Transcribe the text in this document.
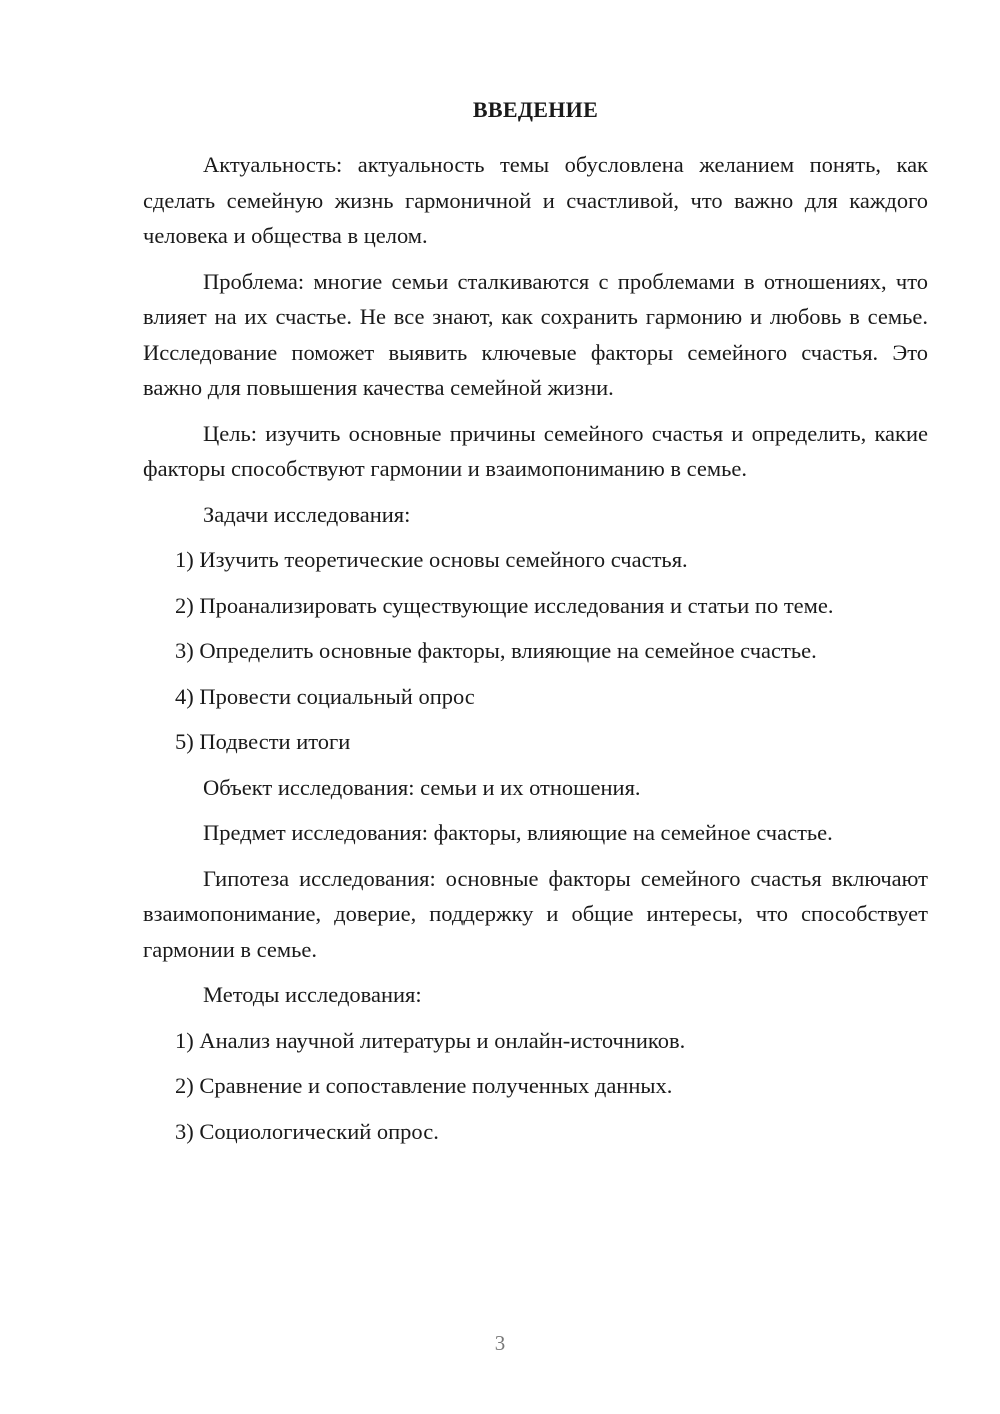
ВВЕДЕНИЕ

Актуальность: актуальность темы обусловлена желанием понять, как сделать семейную жизнь гармоничной и счастливой, что важно для каждого человека и общества в целом.

Проблема: многие семьи сталкиваются с проблемами в отношениях, что влияет на их счастье. Не все знают, как сохранить гармонию и любовь в семье. Исследование поможет выявить ключевые факторы семейного счастья. Это важно для повышения качества семейной жизни.

Цель: изучить основные причины семейного счастья и определить, какие факторы способствуют гармонии и взаимопониманию в семье.

Задачи исследования:

1) Изучить теоретические основы семейного счастья.
2) Проанализировать существующие исследования и статьи по теме.
3) Определить основные факторы, влияющие на семейное счастье.
4) Провести социальный опрос
5) Подвести итоги

Объект исследования: семьи и их отношения.

Предмет исследования: факторы, влияющие на семейное счастье.

Гипотеза исследования: основные факторы семейного счастья включают взаимопонимание, доверие, поддержку и общие интересы, что способствует гармонии в семье.

Методы исследования:

1) Анализ научной литературы и онлайн-источников.
2) Сравнение и сопоставление полученных данных.
3) Социологический опрос.
3
